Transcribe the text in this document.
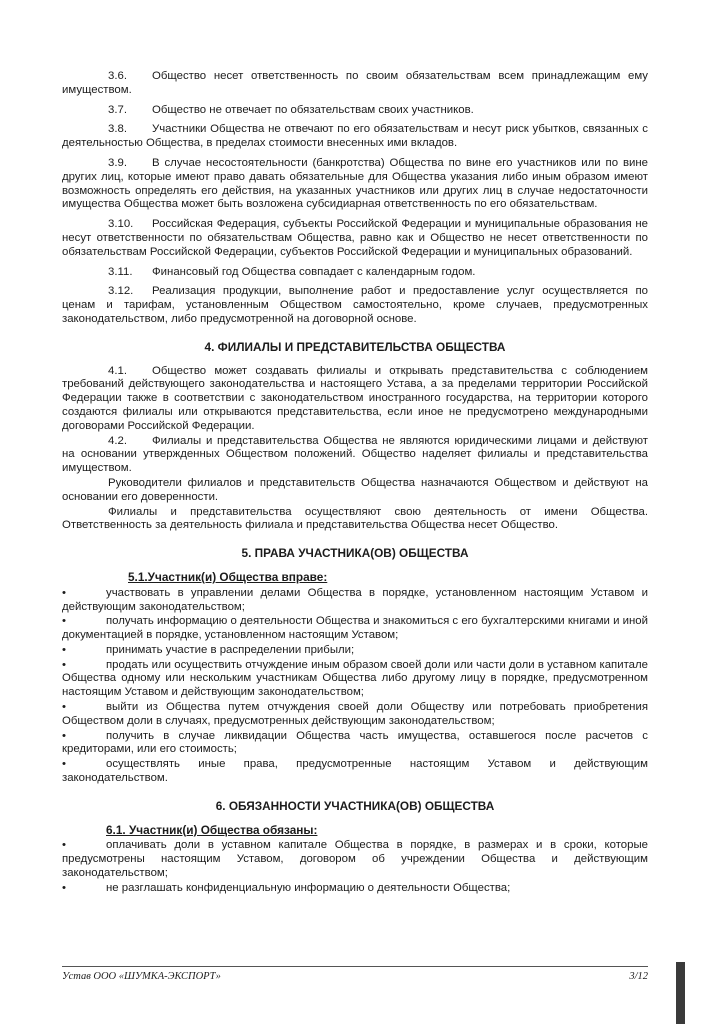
3.6. Общество несет ответственность по своим обязательствам всем принадлежащим ему имуществом.
3.7. Общество не отвечает по обязательствам своих участников.
3.8. Участники Общества не отвечают по его обязательствам и несут риск убытков, связанных с деятельностью Общества, в пределах стоимости внесенных ими вкладов.
3.9. В случае несостоятельности (банкротства) Общества по вине его участников или по вине других лиц, которые имеют право давать обязательные для Общества указания либо иным образом имеют возможность определять его действия, на указанных участников или других лиц в случае недостаточности имущества Общества может быть возложена субсидиарная ответственность по его обязательствам.
3.10. Российская Федерация, субъекты Российской Федерации и муниципальные образования не несут ответственности по обязательствам Общества, равно как и Общество не несет ответственности по обязательствам Российской Федерации, субъектов Российской Федерации и муниципальных образований.
3.11. Финансовый год Общества совпадает с календарным годом.
3.12. Реализация продукции, выполнение работ и предоставление услуг осуществляется по ценам и тарифам, установленным Обществом самостоятельно, кроме случаев, предусмотренных законодательством, либо предусмотренной на договорной основе.
4. ФИЛИАЛЫ И ПРЕДСТАВИТЕЛЬСТВА ОБЩЕСТВА
4.1. Общество может создавать филиалы и открывать представительства с соблюдением требований действующего законодательства и настоящего Устава, а за пределами территории Российской Федерации также в соответствии с законодательством иностранного государства, на территории которого создаются филиалы или открываются представительства, если иное не предусмотрено международными договорами Российской Федерации.
4.2. Филиалы и представительства Общества не являются юридическими лицами и действуют на основании утвержденных Обществом положений. Общество наделяет филиалы и представительства имуществом.
Руководители филиалов и представительств Общества назначаются Обществом и действуют на основании его доверенности.
Филиалы и представительства осуществляют свою деятельность от имени Общества. Ответственность за деятельность филиала и представительства Общества несет Общество.
5. ПРАВА УЧАСТНИКА(ОВ) ОБЩЕСТВА
5.1.Участник(и) Общества вправе:
•	участвовать в управлении делами Общества в порядке, установленном настоящим Уставом и действующим законодательством;
•	получать информацию о деятельности Общества и знакомиться с его бухгалтерскими книгами и иной документацией в порядке, установленном настоящим Уставом;
•	принимать участие в распределении прибыли;
•	продать или осуществить отчуждение иным образом своей доли или части доли в уставном капитале Общества одному или нескольким участникам Общества либо другому лицу в порядке, предусмотренном настоящим Уставом и действующим законодательством;
•	выйти из Общества путем отчуждения своей доли Обществу или потребовать приобретения Обществом доли в случаях, предусмотренных действующим законодательством;
•	получить в случае ликвидации Общества часть имущества, оставшегося после расчетов с кредиторами, или его стоимость;
•	осуществлять иные права, предусмотренные настоящим Уставом и действующим законодательством.
6. ОБЯЗАННОСТИ УЧАСТНИКА(ОВ) ОБЩЕСТВА
6.1. Участник(и) Общества обязаны:
•	оплачивать доли в уставном капитале Общества в порядке, в размерах и в сроки, которые предусмотрены настоящим Уставом, договором об учреждении Общества и действующим законодательством;
•	не разглашать конфиденциальную информацию о деятельности Общества;
Устав ООО «ШУМКА-ЭКСПОРТ»	3/12
